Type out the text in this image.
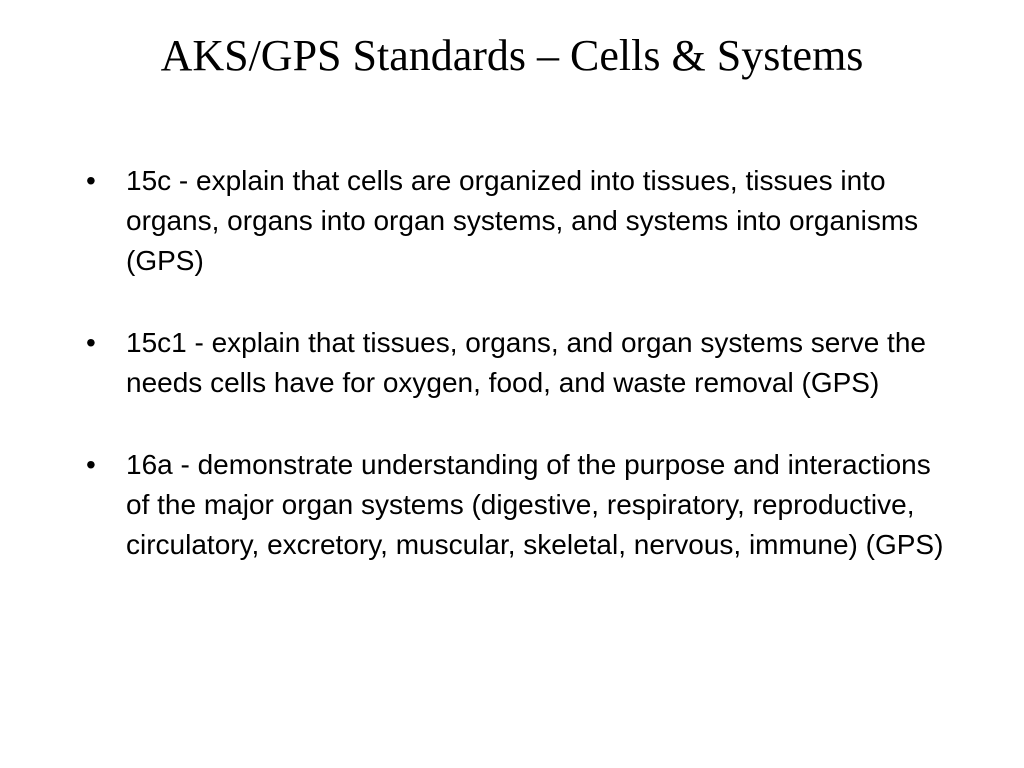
AKS/GPS Standards – Cells & Systems
•	15c - explain that cells are organized into tissues, tissues into organs, organs into organ systems, and systems into organisms (GPS)
•	15c1 - explain that tissues, organs, and organ systems serve the needs cells have for oxygen, food, and waste removal (GPS)
•	16a - demonstrate understanding of the purpose and interactions of the major organ systems (digestive, respiratory, reproductive, circulatory, excretory, muscular, skeletal, nervous, immune) (GPS)
